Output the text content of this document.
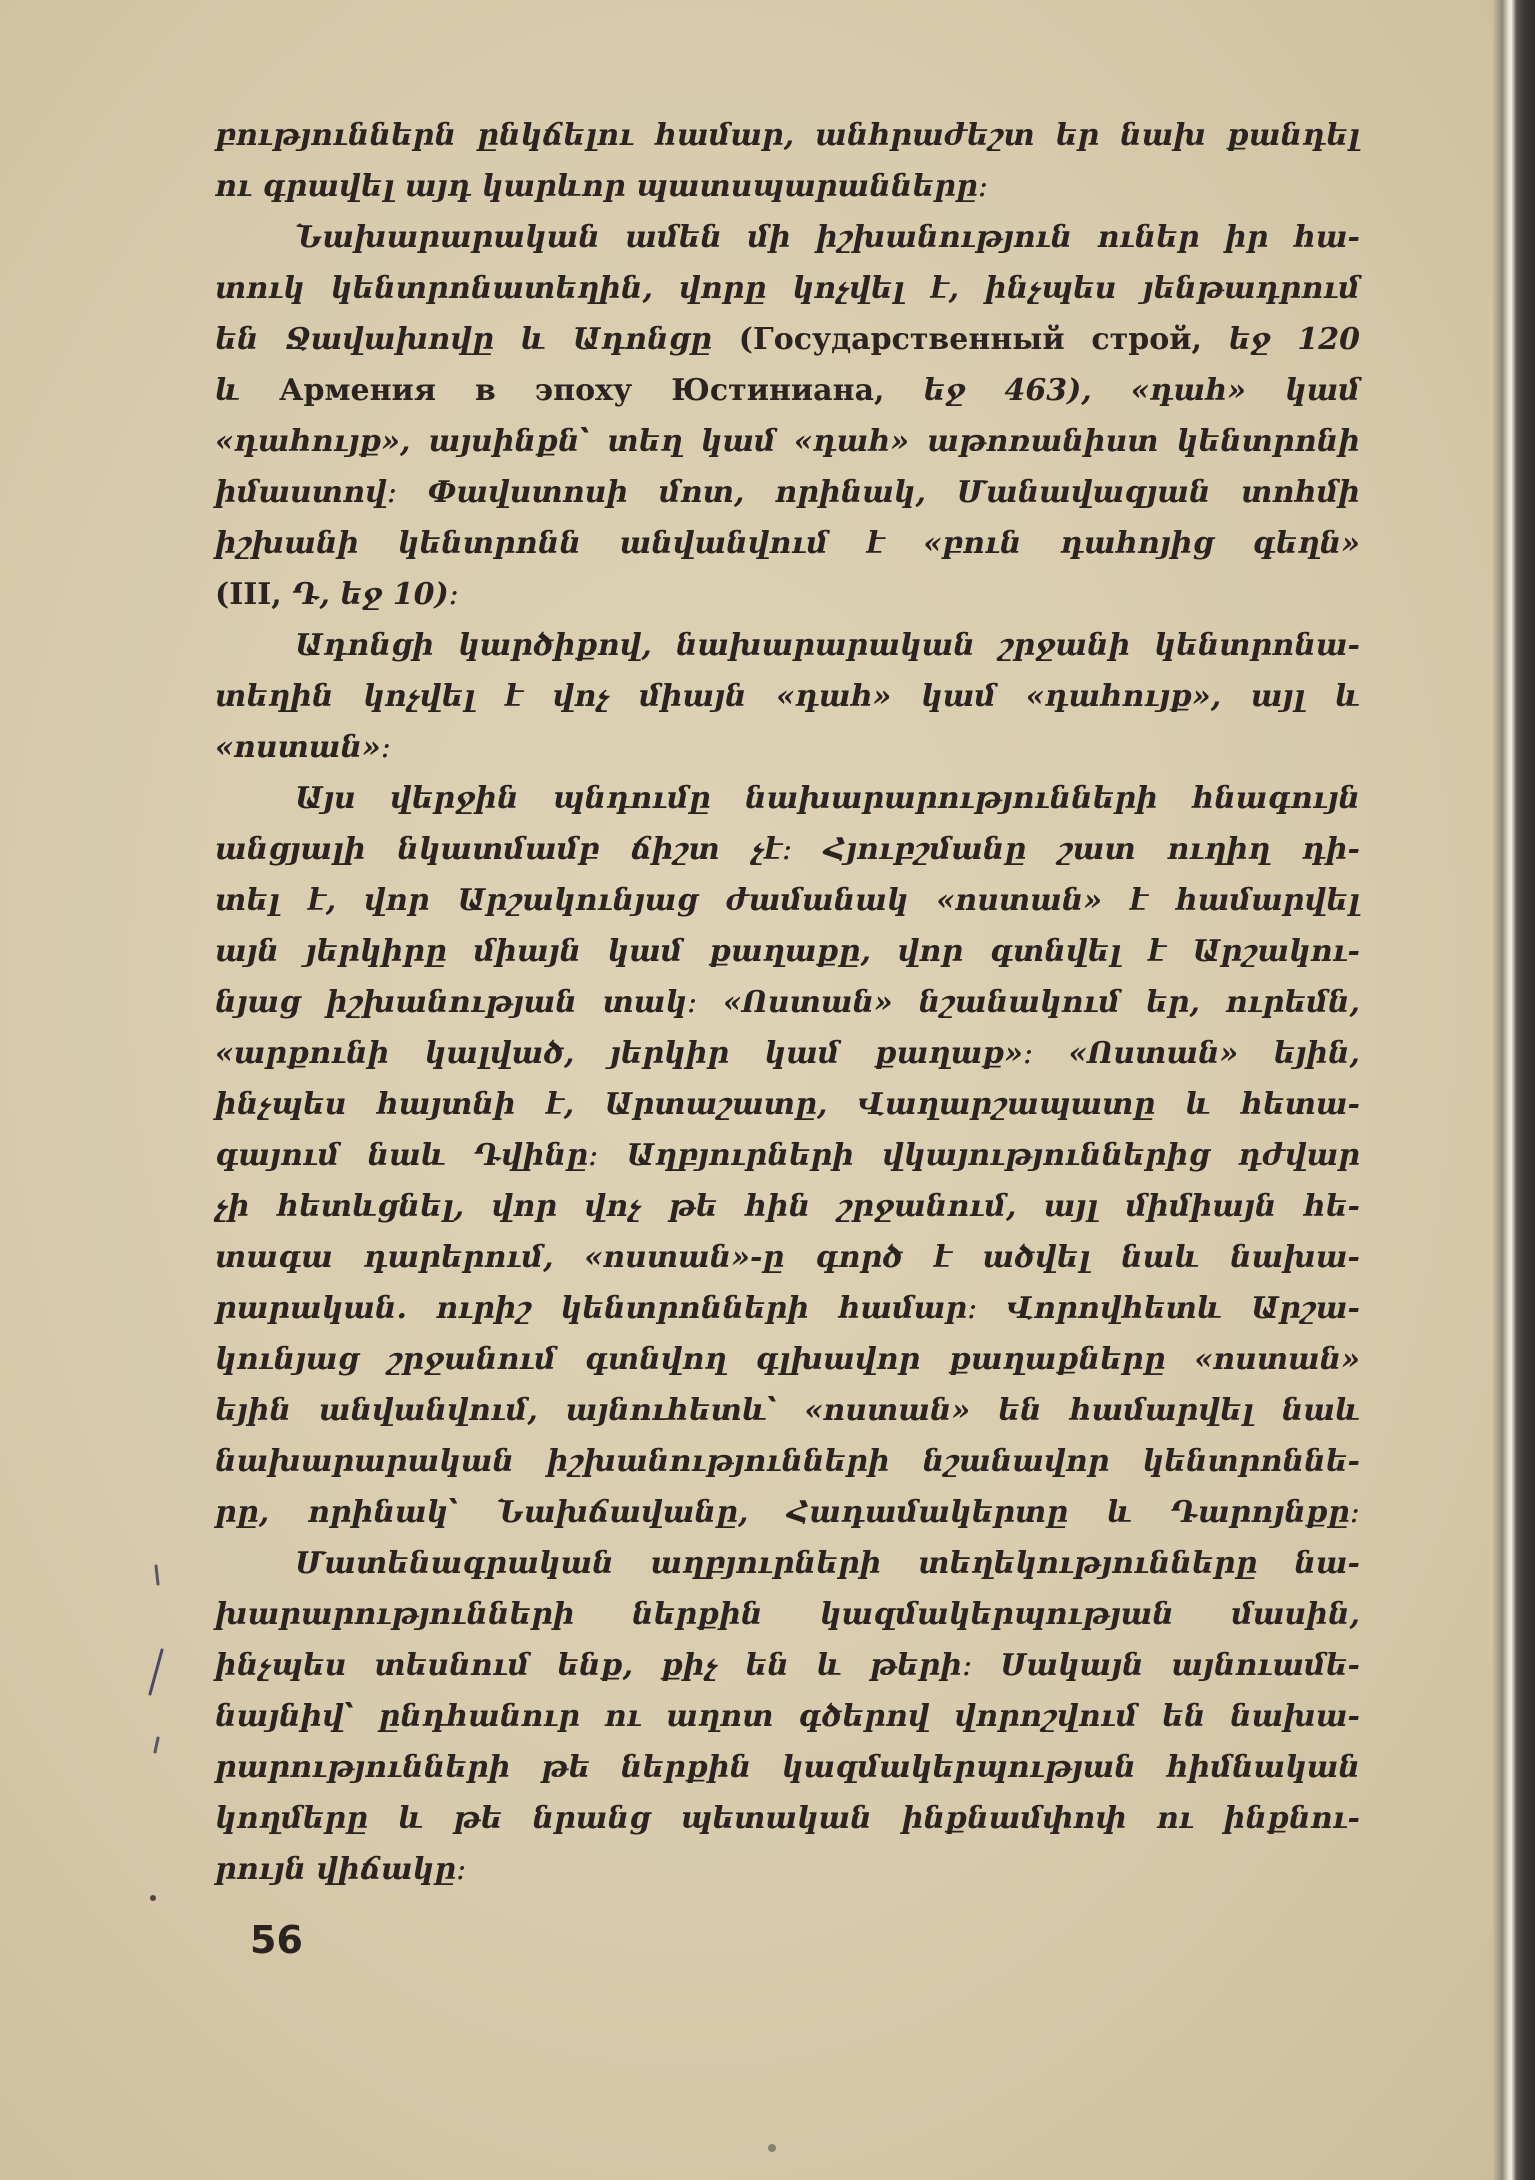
բություններն ընկճելու համար, անհրաժեշտ եր նախ քանդել
ու գրավել այդ կարևոր պատսպարանները։
Նախարարական ամեն մի իշխանություն ուներ իր հա-
տուկ կենտրոնատեղին, վորը կոչվել է, ինչպես յենթադրում
են Ջավախովը և Ադոնցը (Государственный строй, եջ 120
և Армения в эпоху Юстиниана, եջ 463), «դահ» կամ
«դահույք», այսինքն՝ տեղ կամ «դահ» աթոռանիստ կենտրոնի
իմաստով։ Փավստոսի մոտ, որինակ, Մանավազյան տոհմի
իշխանի կենտրոնն անվանվում է «բուն դահոյից գեղն»
(III, Դ, եջ 10)։
Ադոնցի կարծիքով, նախարարական շրջանի կենտրոնա-
տեղին կոչվել է վոչ միայն «դահ» կամ «դահույք», այլ և
«ոստան»։
Այս վերջին պնդումը նախարարությունների հնագույն
անցյալի նկատմամբ ճիշտ չէ։ Հյուբշմանը շատ ուղիղ դի-
տել է, վոր Արշակունյաց ժամանակ «ոստան» է համարվել
այն յերկիրը միայն կամ քաղաքը, վոր գտնվել է Արշակու-
նյաց իշխանության տակ։ «Ոստան» նշանակում եր, ուրեմն,
«արքունի կալված, յերկիր կամ քաղաք»։ «Ոստան» եյին,
ինչպես հայտնի է, Արտաշատը, Վաղարշապատը և հետա-
գայում նաև Դվինը։ Աղբյուրների վկայություններից դժվար
չի հետևցնել, վոր վոչ թե հին շրջանում, այլ միմիայն հե-
տագա դարերում, «ոստան»-ը գործ է ածվել նաև նախա-
րարական. ուրիշ կենտրոնների համար։ Վորովհետև Արշա-
կունյաց շրջանում գտնվող գլխավոր քաղաքները «ոստան»
եյին անվանվում, այնուհետև՝ «ոստան» են համարվել նաև
նախարարական իշխանությունների նշանավոր կենտրոննե-
րը, որինակ՝ Նախճավանը, Հադամակերտը և Դարոյնքը։
Մատենագրական աղբյուրների տեղեկությունները նա-
խարարությունների ներքին կազմակերպության մասին,
ինչպես տեսնում ենք, քիչ են և թերի։ Սակայն այնուամե-
նայնիվ՝ ընդհանուր ու աղոտ գծերով վորոշվում են նախա-
րարությունների թե ներքին կազմակերպության հիմնական
կողմերը և թե նրանց պետական ինքնամփոփ ու ինքնու-
րույն վիճակը։
56
